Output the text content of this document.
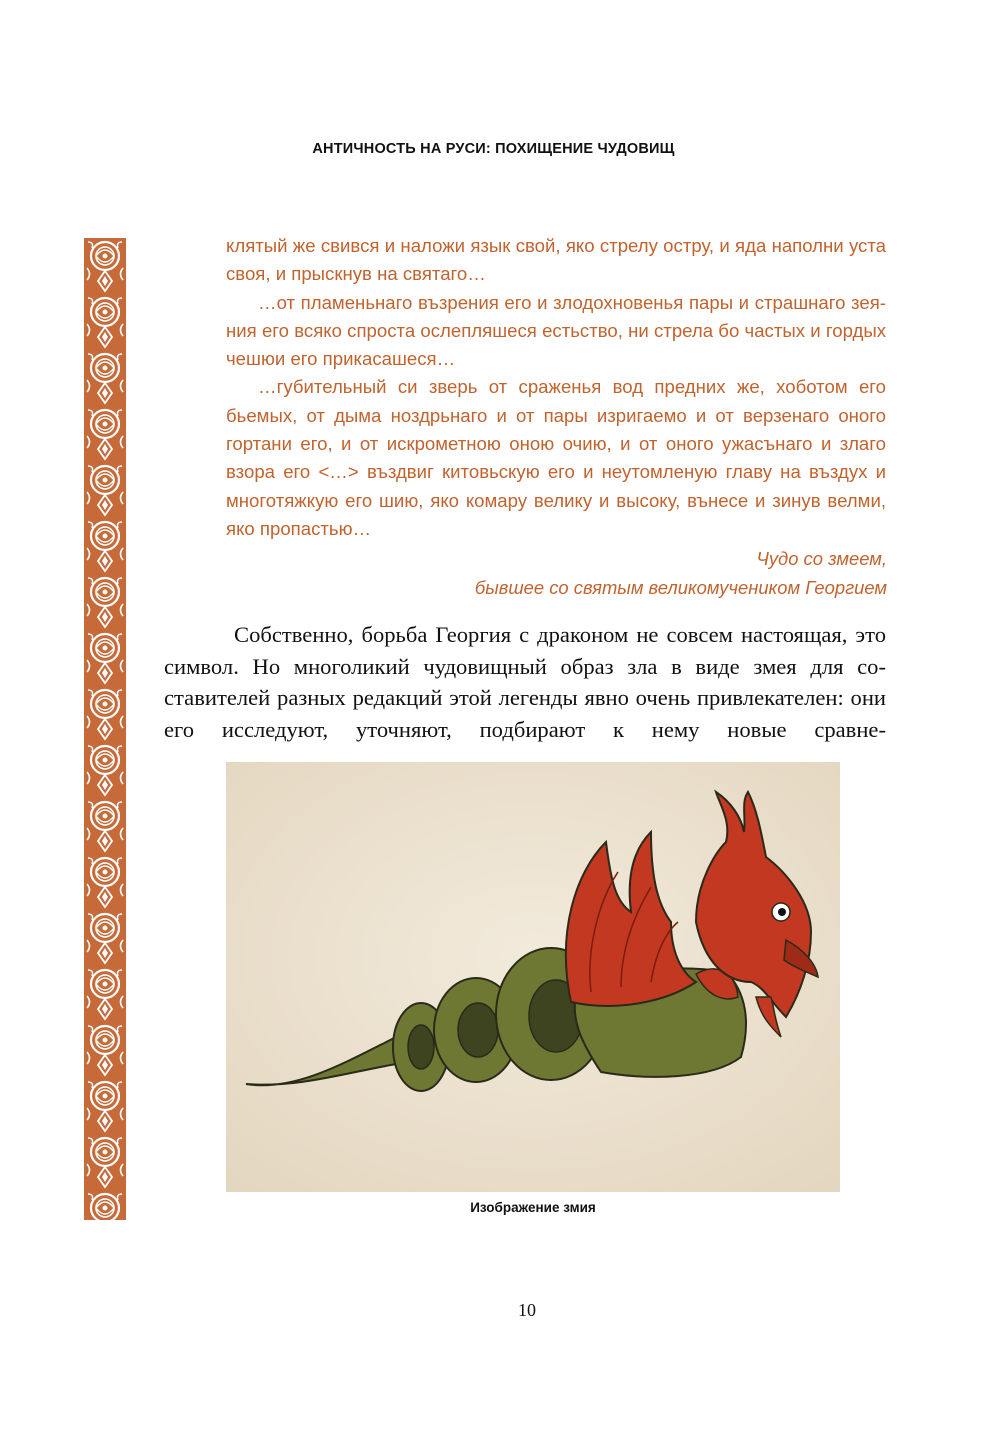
АНТИЧНОСТЬ НА РУСИ: ПОХИЩЕНИЕ ЧУДОВИЩ

клятый же свився и наложи язык свой, яко стрелу остру, и яда наполни уста своя, и прыскнув на святаго…

…от пламеньнаго възрения его и злодохновенья пары и страшнаго зеяния его всяко спроста ослепляшеся естьство, ни стрела бо частых и гордых чешюи его прикасашеся…

…губительный си зверь от сраженья вод предних же, хоботом его бьемых, от дыма ноздрьнаго и от пары изригаемо и от верзенаго оного гортани его, и от искрометною оною очию, и от оного ужасънаго и злаго взора его <…> въздвиг китовьскую его и неутомленую главу на въздух и многотяжкую его шию, яко комару велику и высоку, вънесе и зинув велми, яко пропастью…

Чудо со змеем,
бывшее со святым великомучеником Георгием

Собственно, борьба Георгия с драконом не совсем настоящая, это символ. Но многоликий чудовищный образ зла в виде змея для составителей разных редакций этой легенды явно очень привлекателен: они его исследуют, уточняют, подбирают к нему новые сравне-

Изображение змия
10
